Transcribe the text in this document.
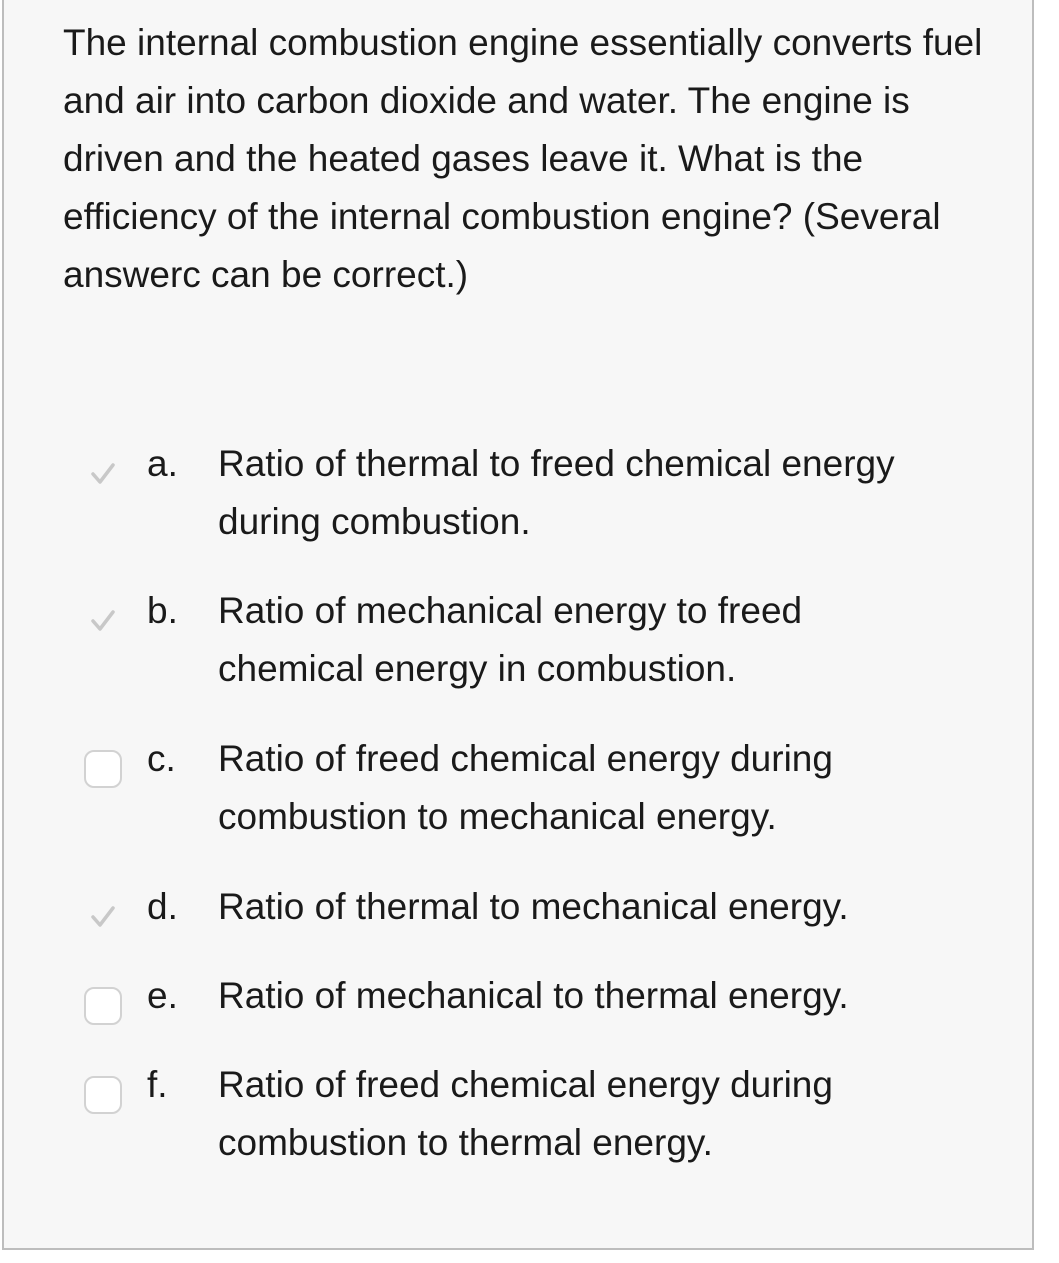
The internal combustion engine essentially converts fuel and air into carbon dioxide and water. The engine is driven and the heated gases leave it. What is the efficiency of the internal combustion engine? (Several answerc can be correct.)

a. Ratio of thermal to freed chemical energy during combustion.
b. Ratio of mechanical energy to freed chemical energy in combustion.
c. Ratio of freed chemical energy during combustion to mechanical energy.
d. Ratio of thermal to mechanical energy.
e. Ratio of mechanical to thermal energy.
f. Ratio of freed chemical energy during combustion to thermal energy.
